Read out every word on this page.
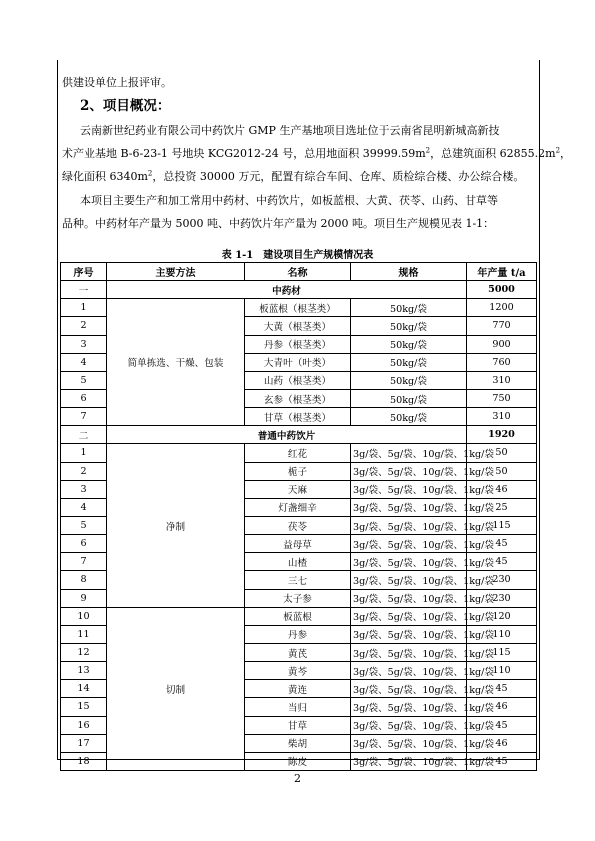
供建设单位上报评审。
2、项目概况：
云南新世纪药业有限公司中药饮片 GMP 生产基地项目选址位于云南省昆明新城高新技
术产业基地 B-6-23-1 号地块 KCG2012-24 号，总用地面积 $39999.59m^2$，总建筑面积 $62855.2m^2$，
绿化面积 $6340m^2$，总投资 30000 万元，配置有综合车间、仓库、质检综合楼、办公综合楼。
本项目主要生产和加工常用中药材、中药饮片，如板蓝根、大黄、茯苓、山药、甘草等
品种。中药材年产量为 5000 吨、中药饮片年产量为 2000 吨。项目生产规模见表 1-1：
表 1-1　建设项目生产规模情况表
序号	主要方法	名称	规格	年产量 t/a
一	中药材			5000
1	简单拣选、干燥、包装	板蓝根（根茎类）	50kg/袋	1200
2		大黄（根茎类）	50kg/袋	770
3		丹参（根茎类）	50kg/袋	900
4		大青叶（叶类）	50kg/袋	760
5		山药（根茎类）	50kg/袋	310
6		玄参（根茎类）	50kg/袋	750
7		甘草（根茎类）	50kg/袋	310
二	普通中药饮片			1920
1	净制	红花	3g/袋、5g/袋、10g/袋、1kg/袋	50
2		栀子	3g/袋、5g/袋、10g/袋、1kg/袋	50
3		天麻	3g/袋、5g/袋、10g/袋、1kg/袋	46
4		灯盏细辛	3g/袋、5g/袋、10g/袋、1kg/袋	25
5		茯苓	3g/袋、5g/袋、10g/袋、1kg/袋	115
6		益母草	3g/袋、5g/袋、10g/袋、1kg/袋	45
7		山楂	3g/袋、5g/袋、10g/袋、1kg/袋	45
8		三七	3g/袋、5g/袋、10g/袋、1kg/袋	230
9		太子参	3g/袋、5g/袋、10g/袋、1kg/袋	230
10	切制	板蓝根	3g/袋、5g/袋、10g/袋、1kg/袋	120
11		丹参	3g/袋、5g/袋、10g/袋、1kg/袋	110
12		黄芪	3g/袋、5g/袋、10g/袋、1kg/袋	115
13		黄芩	3g/袋、5g/袋、10g/袋、1kg/袋	110
14		黄连	3g/袋、5g/袋、10g/袋、1kg/袋	45
15		当归	3g/袋、5g/袋、10g/袋、1kg/袋	46
16		甘草	3g/袋、5g/袋、10g/袋、1kg/袋	45
17		柴胡	3g/袋、5g/袋、10g/袋、1kg/袋	46
18		陈皮	3g/袋、5g/袋、10g/袋、1kg/袋	45
2
